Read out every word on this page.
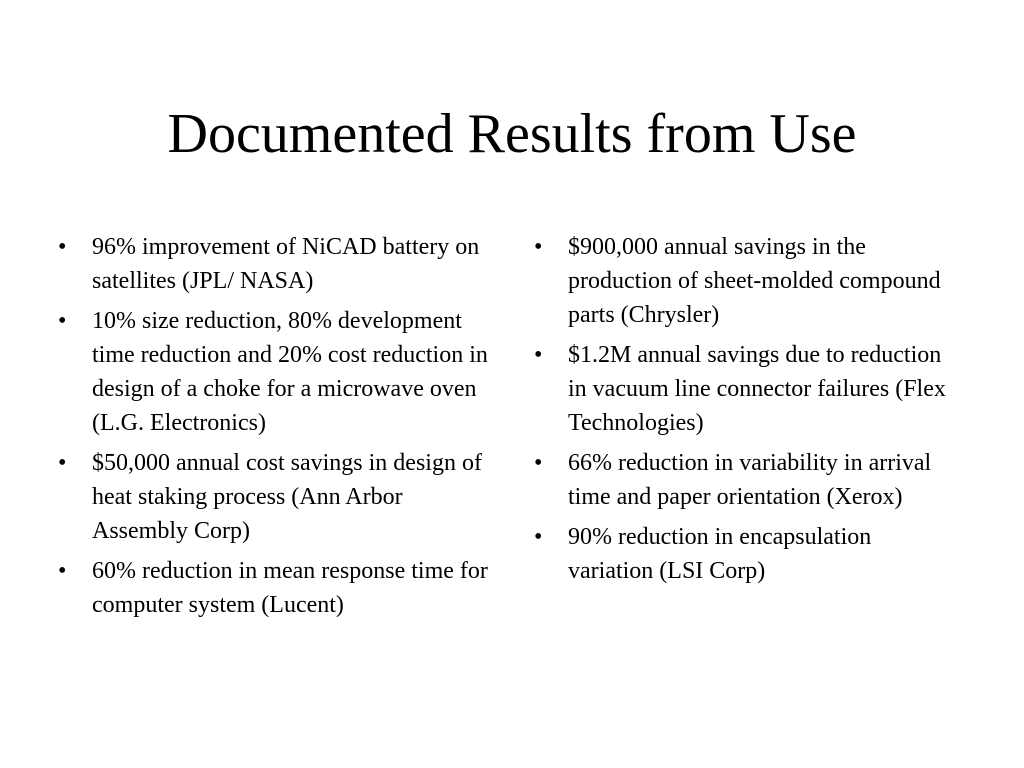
Documented Results from Use
• 96% improvement of NiCAD battery on satellites (JPL/ NASA)
• 10% size reduction, 80% development time reduction and 20% cost reduction in design of a choke for a microwave oven (L.G. Electronics)
• $50,000 annual cost savings in design of heat staking process (Ann Arbor Assembly Corp)
• 60% reduction in mean response time for computer system (Lucent)
• $900,000 annual savings in the production of sheet-molded compound parts (Chrysler)
• $1.2M annual savings due to reduction in vacuum line connector failures (Flex Technologies)
• 66% reduction in variability in arrival time and paper orientation (Xerox)
• 90% reduction in encapsulation variation (LSI Corp)
